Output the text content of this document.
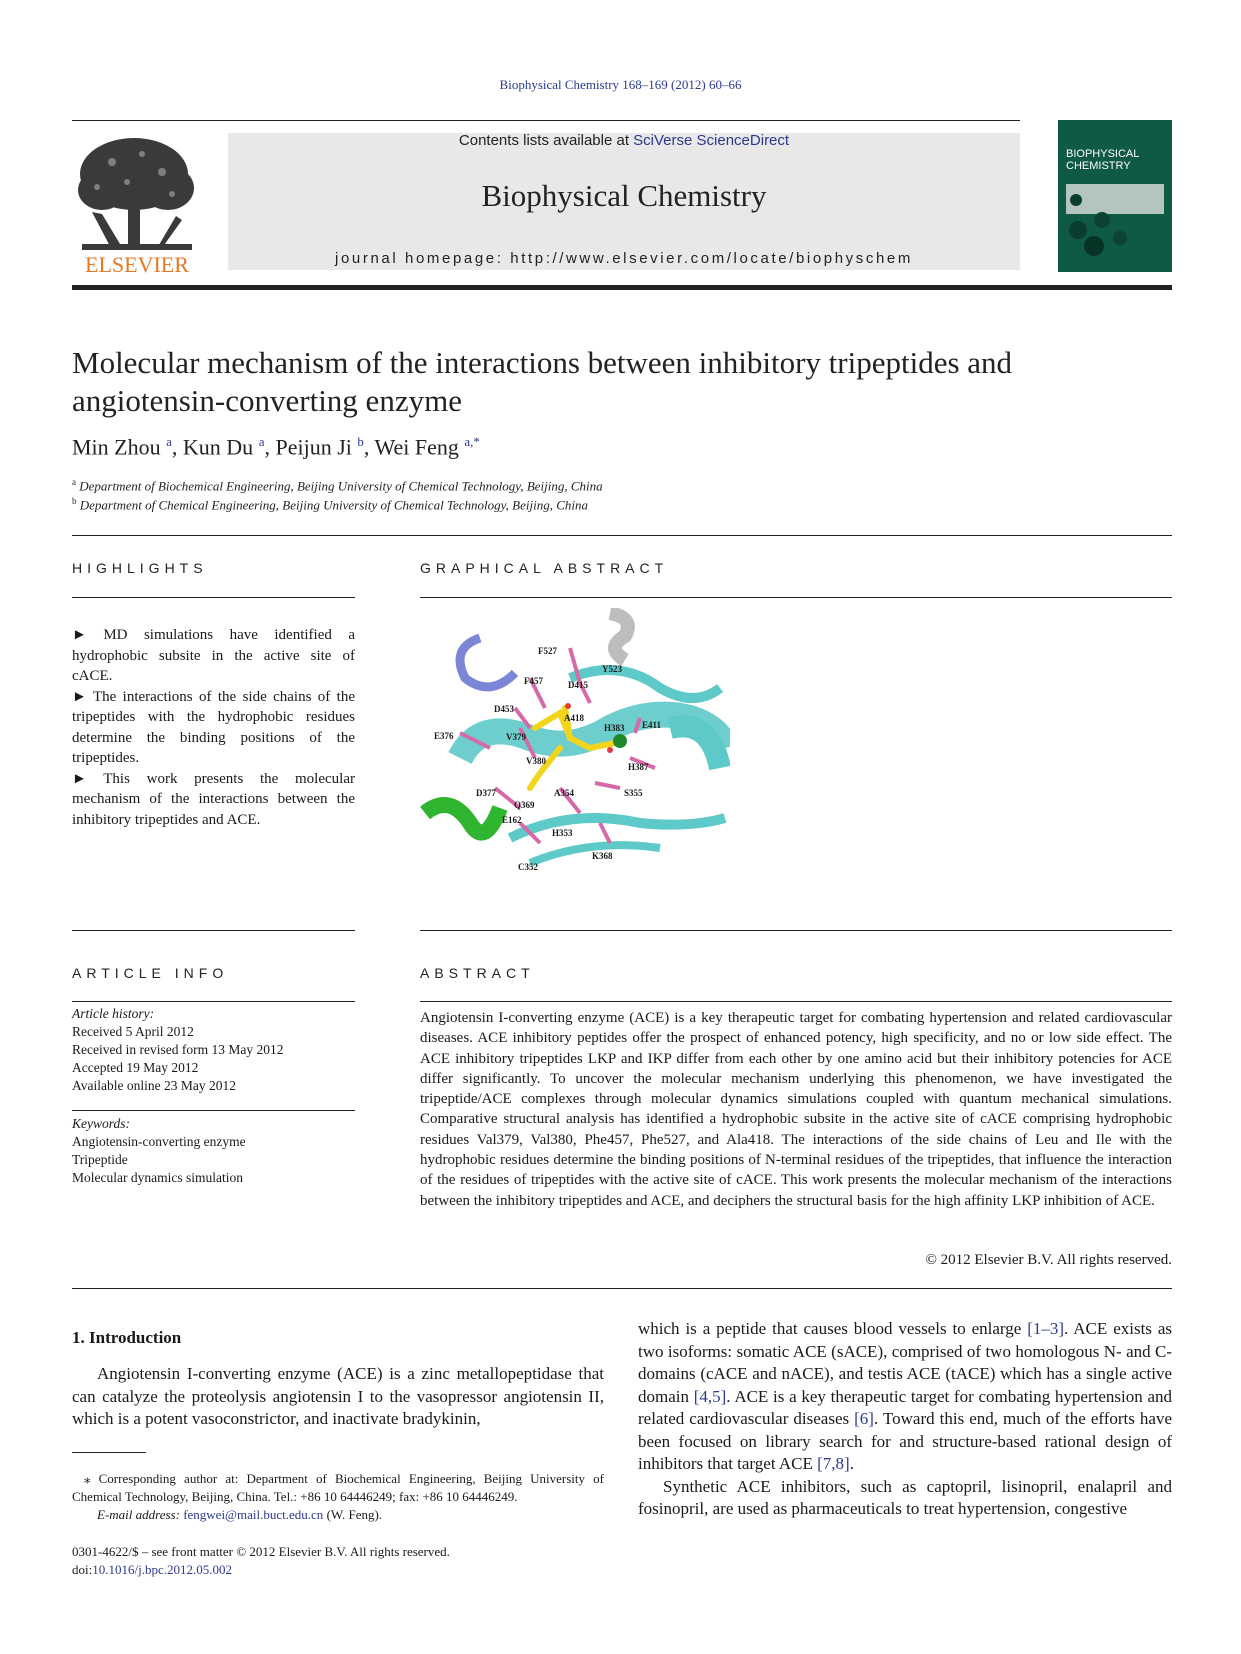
Biophysical Chemistry 168–169 (2012) 60–66
ELSEVIER
Contents lists available at SciVerse ScienceDirect
Biophysical Chemistry
journal homepage: http://www.elsevier.com/locate/biophyschem
BIOPHYSICAL
CHEMISTRY
Molecular mechanism of the interactions between inhibitory tripeptides and
angiotensin-converting enzyme
Min Zhou $^a$, Kun Du $^a$, Peijun Ji $^b$, Wei Feng $^{a,*}$
$^a$ Department of Biochemical Engineering, Beijing University of Chemical Technology, Beijing, China
$^b$ Department of Chemical Engineering, Beijing University of Chemical Technology, Beijing, China
HIGHLIGHTS

► MD simulations have identified a hydrophobic subsite in the active site of cACE.

► The interactions of the side chains of the tripeptides with the hydrophobic residues determine the binding positions of the tripeptides.

► This work presents the molecular mechanism of the interactions between the inhibitory tripeptides and ACE.

GRAPHICAL ABSTRACT
F527
Y523
F457	D415
D453
A418
E376	V379
H383 E411
V380
H387
D377	A354	S355
Q369
E162
H353
K368
C352
ARTICLE INFO
Article history:
Received 5 April 2012
Received in revised form 13 May 2012
Accepted 19 May 2012
Available online 23 May 2012
Keywords:
Angiotensin-converting enzyme
Tripeptide
Molecular dynamics simulation
ABSTRACT
Angiotensin I-converting enzyme (ACE) is a key therapeutic target for combating hypertension and related cardiovascular diseases. ACE inhibitory peptides offer the prospect of enhanced potency, high specificity, and no or low side effect. The ACE inhibitory tripeptides LKP and IKP differ from each other by one amino acid but their inhibitory potencies for ACE differ significantly. To uncover the molecular mechanism underlying this phenomenon, we have investigated the tripeptide/ACE complexes through molecular dynamics simulations coupled with quantum mechanical simulations. Comparative structural analysis has identified a hydrophobic subsite in the active site of cACE comprising hydrophobic residues Val379, Val380, Phe457, Phe527, and Ala418. The interactions of the side chains of Leu and Ile with the hydrophobic residues determine the binding positions of N-terminal residues of the tripeptides, that influence the interaction of the residues of tripeptides with the active site of cACE. This work presents the molecular mechanism of the interactions between the inhibitory tripeptides and ACE, and deciphers the structural basis for the high affinity LKP inhibition of ACE.
© 2012 Elsevier B.V. All rights reserved.
1. Introduction
Angiotensin I-converting enzyme (ACE) is a zinc metallopeptidase that can catalyze the proteolysis angiotensin I to the vasopressor angiotensin II, which is a potent vasoconstrictor, and inactivate bradykinin,

which is a peptide that causes blood vessels to enlarge [1–3]. ACE exists as two isoforms: somatic ACE (sACE), comprised of two homologous N- and C-domains (cACE and nACE), and testis ACE (tACE) which has a single active domain [4,5]. ACE is a key therapeutic target for combating hypertension and related cardiovascular diseases [6]. Toward this end, much of the efforts have been focused on library search for and structure-based rational design of inhibitors that target ACE [7,8].

Synthetic ACE inhibitors, such as captopril, lisinopril, enalapril and fosinopril, are used as pharmaceuticals to treat hypertension, congestive

⁎ Corresponding author at: Department of Biochemical Engineering, Beijing University of Chemical Technology, Beijing, China. Tel.: +86 10 64446249; fax: +86 10 64446249.
E-mail address: fengwei@mail.buct.edu.cn (W. Feng).
0301-4622/$ – see front matter © 2012 Elsevier B.V. All rights reserved.
doi:10.1016/j.bpc.2012.05.002
